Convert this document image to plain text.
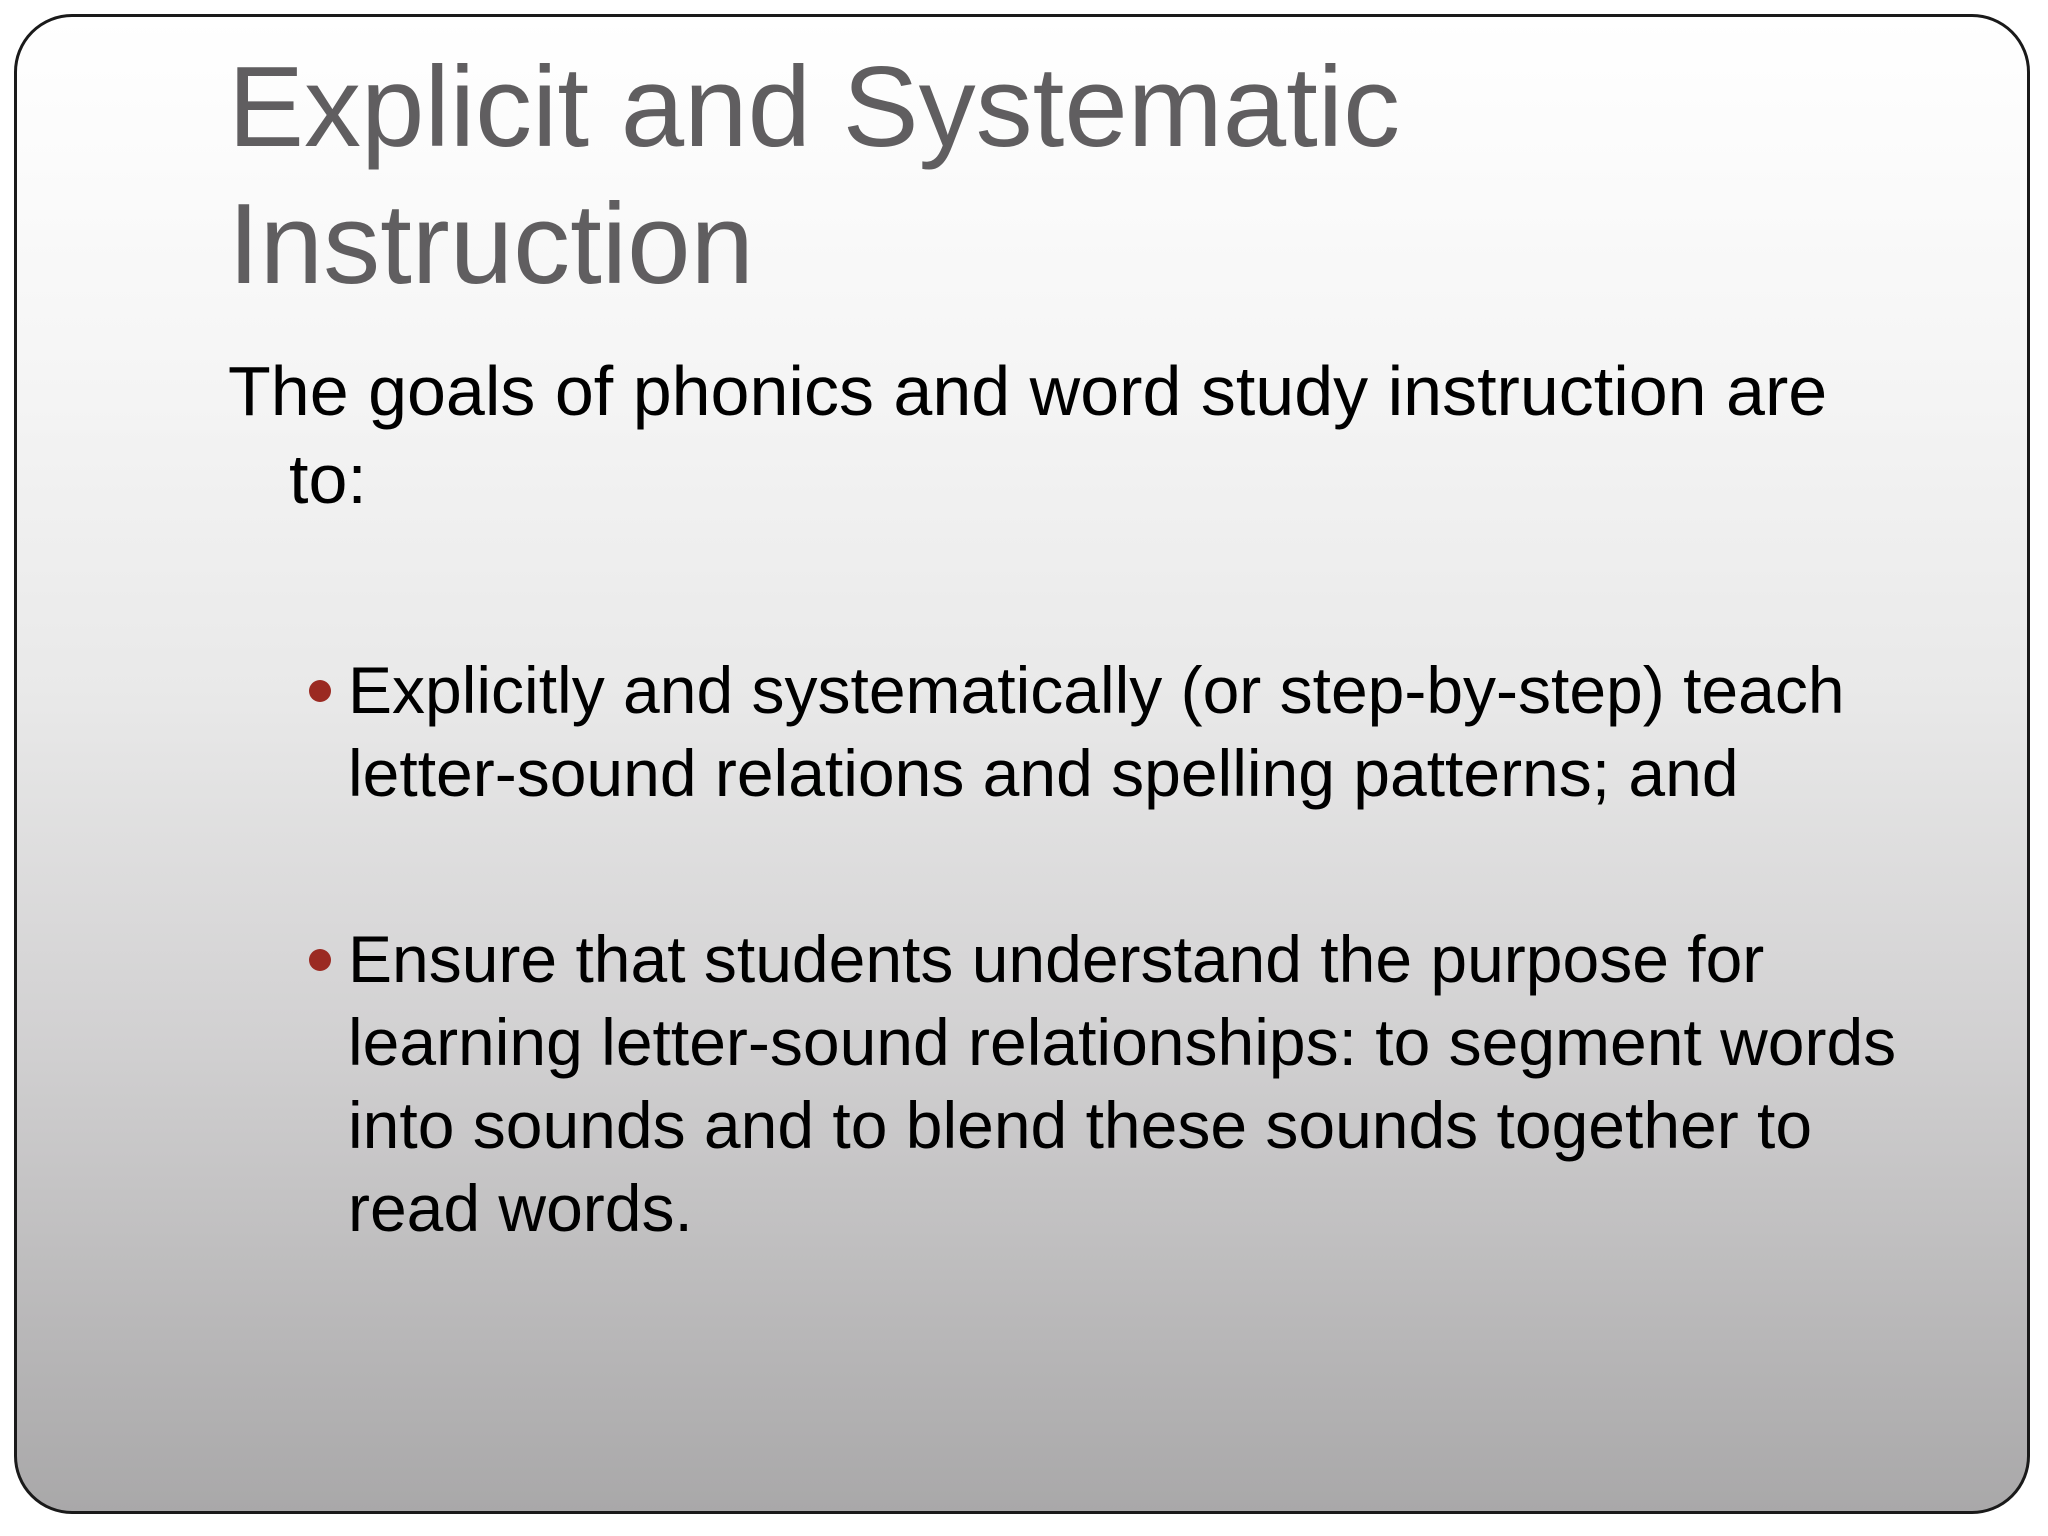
Explicit and Systematic Instruction

The goals of phonics and word study instruction are
to:

Explicitly and systematically (or step-by-step) teach letter-sound relations and spelling patterns; and
Ensure that students understand the purpose for learning letter-sound relationships: to segment words into sounds and to blend these sounds together to read words.
